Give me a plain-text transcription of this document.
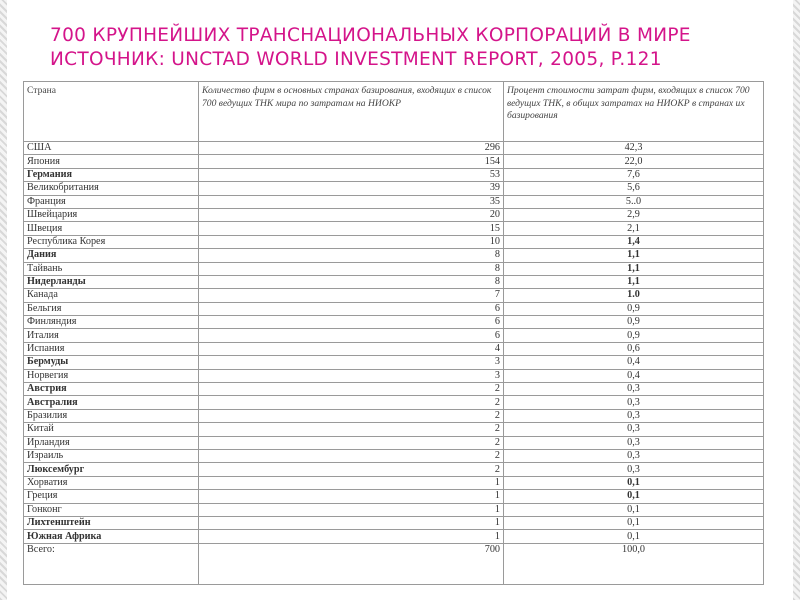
700 КРУПНЕЙШИХ ТРАНСНАЦИОНАЛЬНЫХ КОРПОРАЦИЙ В МИРЕ
ИСТОЧНИК: UNCTAD WORLD INVESTMENT REPORT, 2005, P.121
Страна	Количество фирм в основных странах базирования, входящих в список 700 ведущих ТНК мира по затратам на НИОКР	Процент стоимости затрат фирм, входящих в список 700 ведущих ТНК, в общих затратах на НИОКР в странах их базирования
США	296	42,3
Япония	154	22,0
Германия	53	7,6
Великобритания	39	5,6
Франция	35	5..0
Швейцария	20	2,9
Швеция	15	2,1
Республика Корея	10	1,4
Дания	8	1,1
Тайвань	8	1,1
Нидерланды	8	1,1
Канада	7	1.0
Бельгия	6	0,9
Финляндия	6	0,9
Италия	6	0,9
Испания	4	0,6
Бермуды	3	0,4
Норвегия	3	0,4
Австрия	2	0,3
Австралия	2	0,3
Бразилия	2	0,3
Китай	2	0,3
Ирландия	2	0,3
Израиль	2	0,3
Люксембург	2	0,3
Хорватия	1	0,1
Греция	1	0,1
Гонконг	1	0,1
Лихтенштейн	1	0,1
Южная Африка	1	0,1
Всего:	700	100,0
